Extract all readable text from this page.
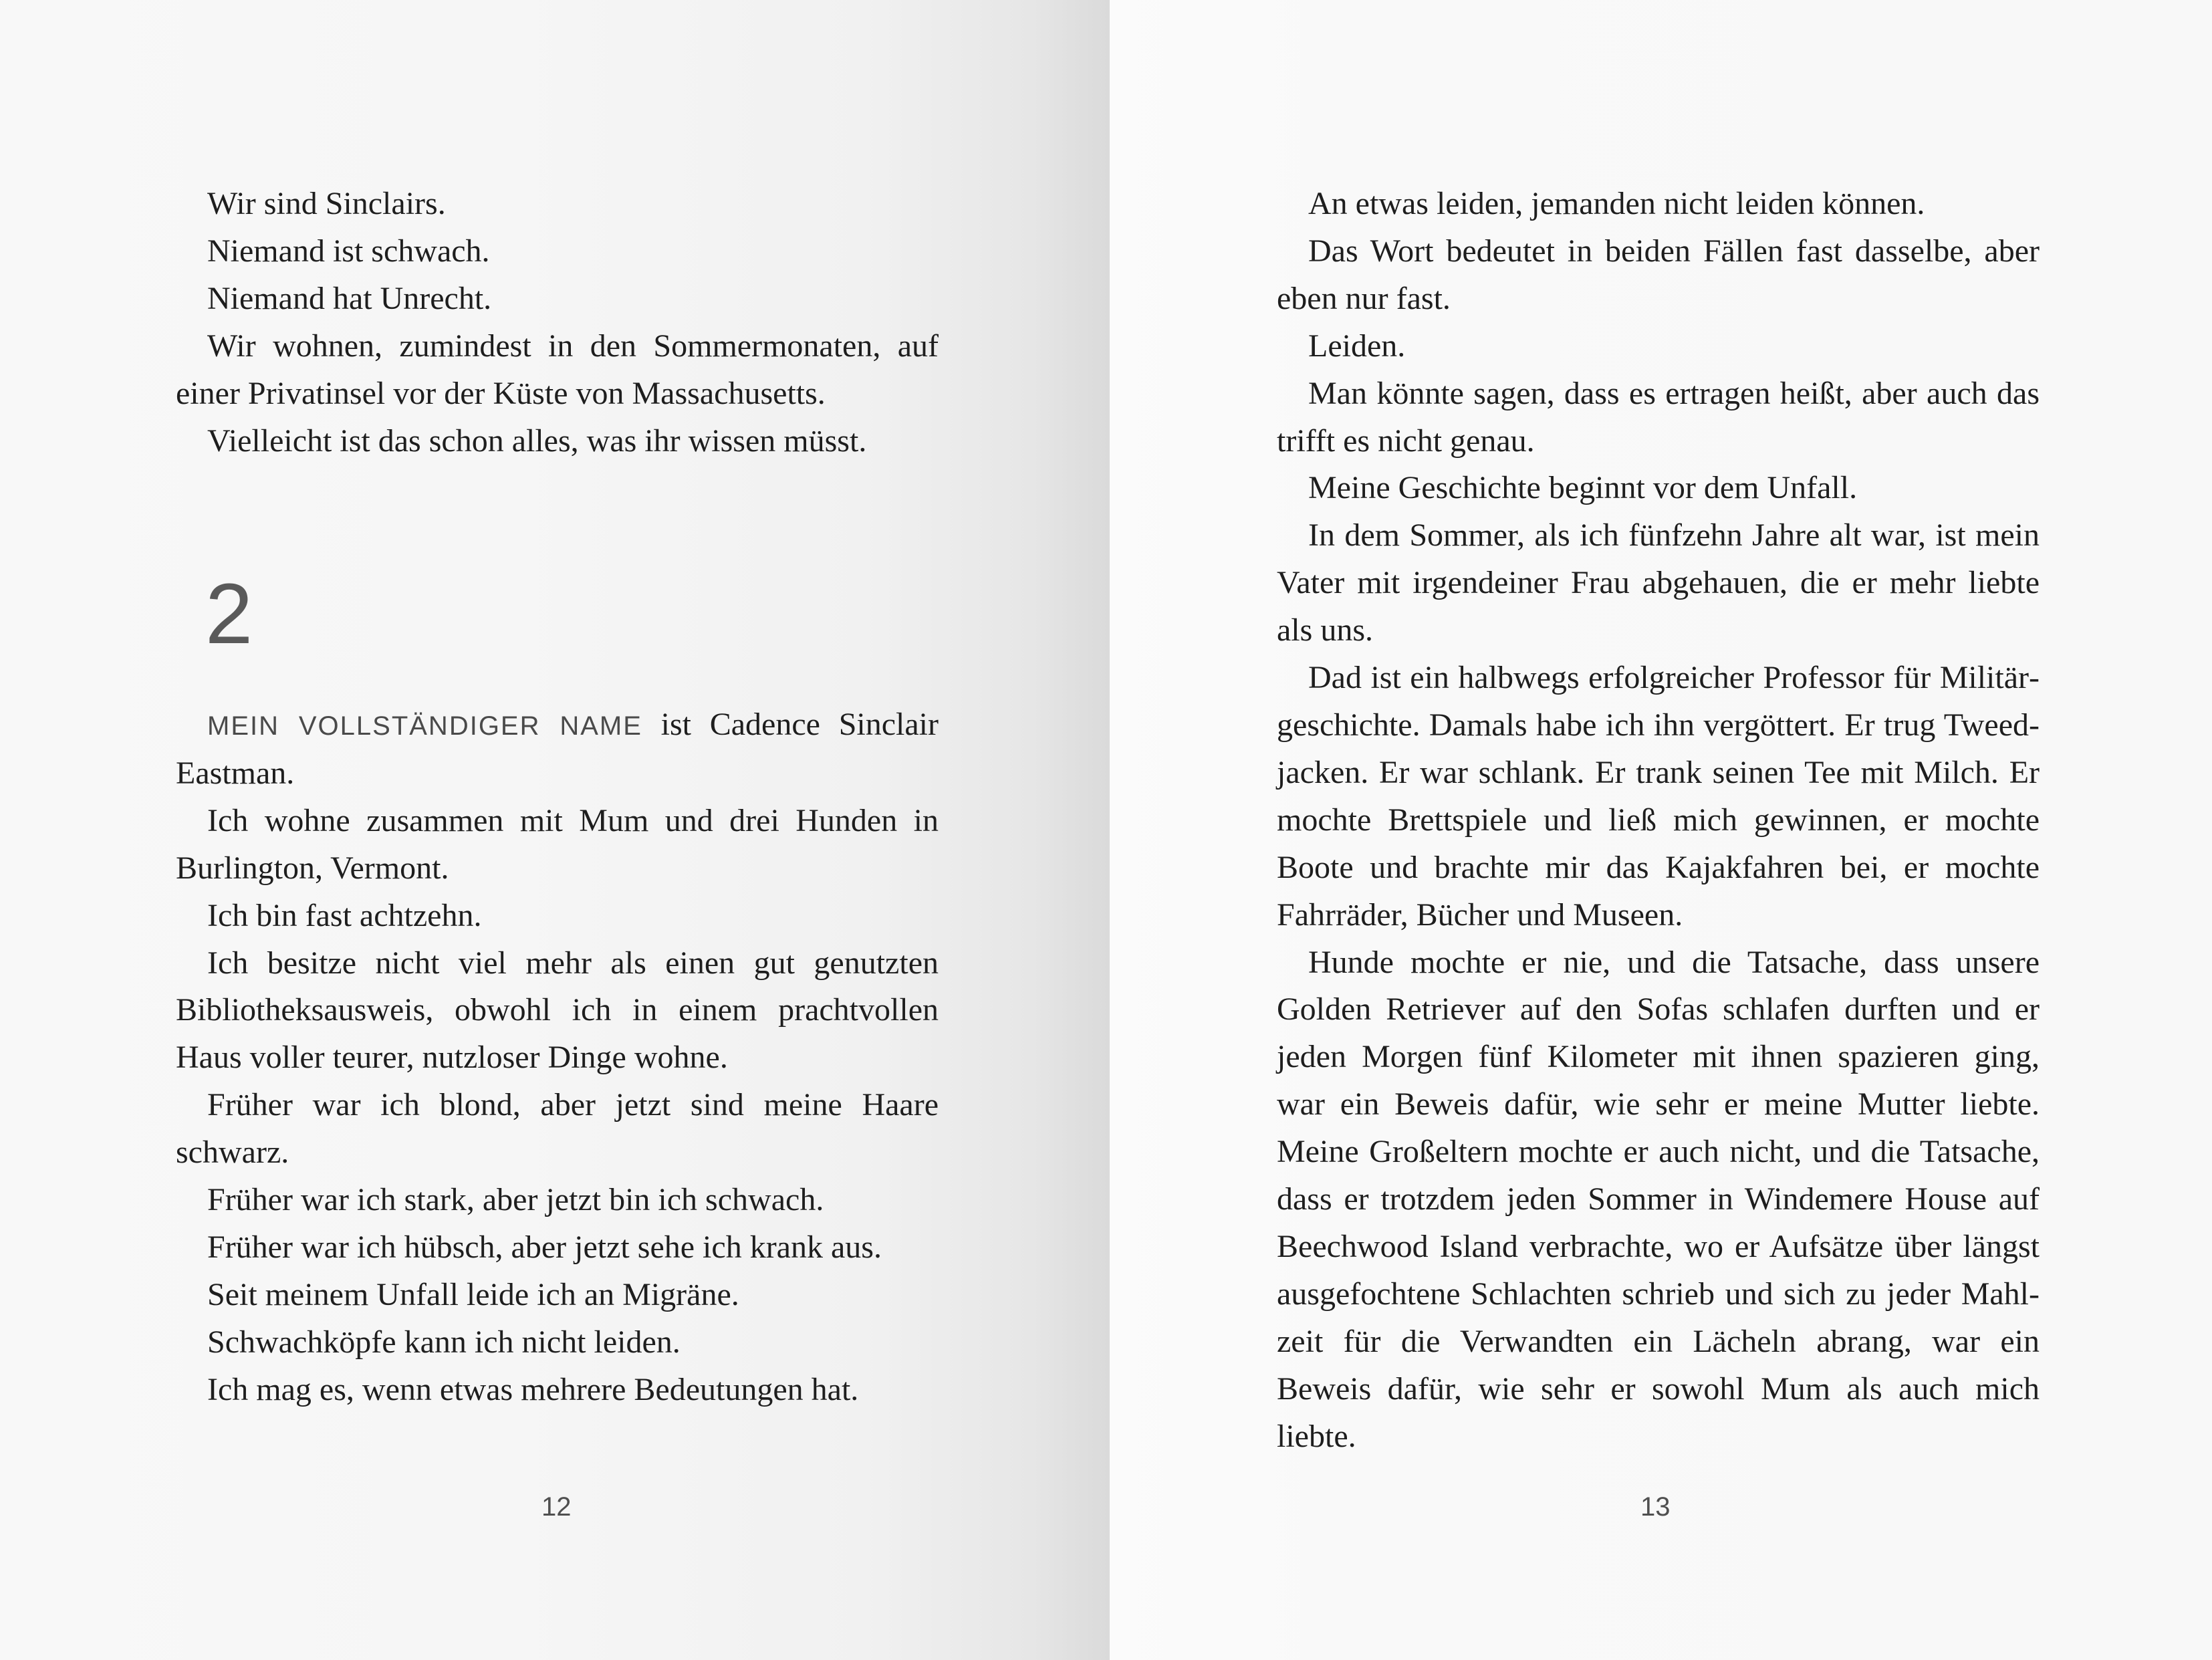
Wir sind Sinclairs.

Niemand ist schwach.

Niemand hat Unrecht.

Wir wohnen, zumindest in den Sommermonaten, auf einer Privatinsel vor der Küste von Massachusetts.

Vielleicht ist das schon alles, was ihr wissen müsst.

2

MEIN VOLLSTÄNDIGER NAME ist Cadence Sinclair Eastman.

Ich wohne zusammen mit Mum und drei Hunden in Burlington, Vermont.

Ich bin fast achtzehn.

Ich besitze nicht viel mehr als einen gut genutzten Bibliotheksausweis, obwohl ich in einem prachtvollen Haus voller teurer, nutzloser Dinge wohne.

Früher war ich blond, aber jetzt sind meine Haare schwarz.

Früher war ich stark, aber jetzt bin ich schwach.

Früher war ich hübsch, aber jetzt sehe ich krank aus.

Seit meinem Unfall leide ich an Migräne.

Schwachköpfe kann ich nicht leiden.

Ich mag es, wenn etwas mehrere Bedeutungen hat.

An etwas leiden, jemanden nicht leiden können.

Das Wort bedeutet in beiden Fällen fast dasselbe, aber eben nur fast.

Leiden.

Man könnte sagen, dass es ertragen heißt, aber auch das trifft es nicht genau.

Meine Geschichte beginnt vor dem Unfall.

In dem Sommer, als ich fünfzehn Jahre alt war, ist mein Vater mit irgendeiner Frau abgehauen, die er mehr liebte als uns.

Dad ist ein halbwegs erfolgreicher Professor für Militärgeschichte. Damals habe ich ihn vergöttert. Er trug Tweedjacken. Er war schlank. Er trank seinen Tee mit Milch. Er mochte Brettspiele und ließ mich gewinnen, er mochte Boote und brachte mir das Kajakfahren bei, er mochte Fahrräder, Bücher und Museen.

Hunde mochte er nie, und die Tatsache, dass unsere Golden Retriever auf den Sofas schlafen durften und er jeden Morgen fünf Kilometer mit ihnen spazieren ging, war ein Beweis dafür, wie sehr er meine Mutter liebte. Meine Großeltern mochte er auch nicht, und die Tatsache, dass er trotzdem jeden Sommer in Windemere House auf Beechwood Island verbrachte, wo er Aufsätze über längst ausgefochtene Schlachten schrieb und sich zu jeder Mahlzeit für die Verwandten ein Lächeln abrang, war ein Beweis dafür, wie sehr er sowohl Mum als auch mich liebte.

12	13
